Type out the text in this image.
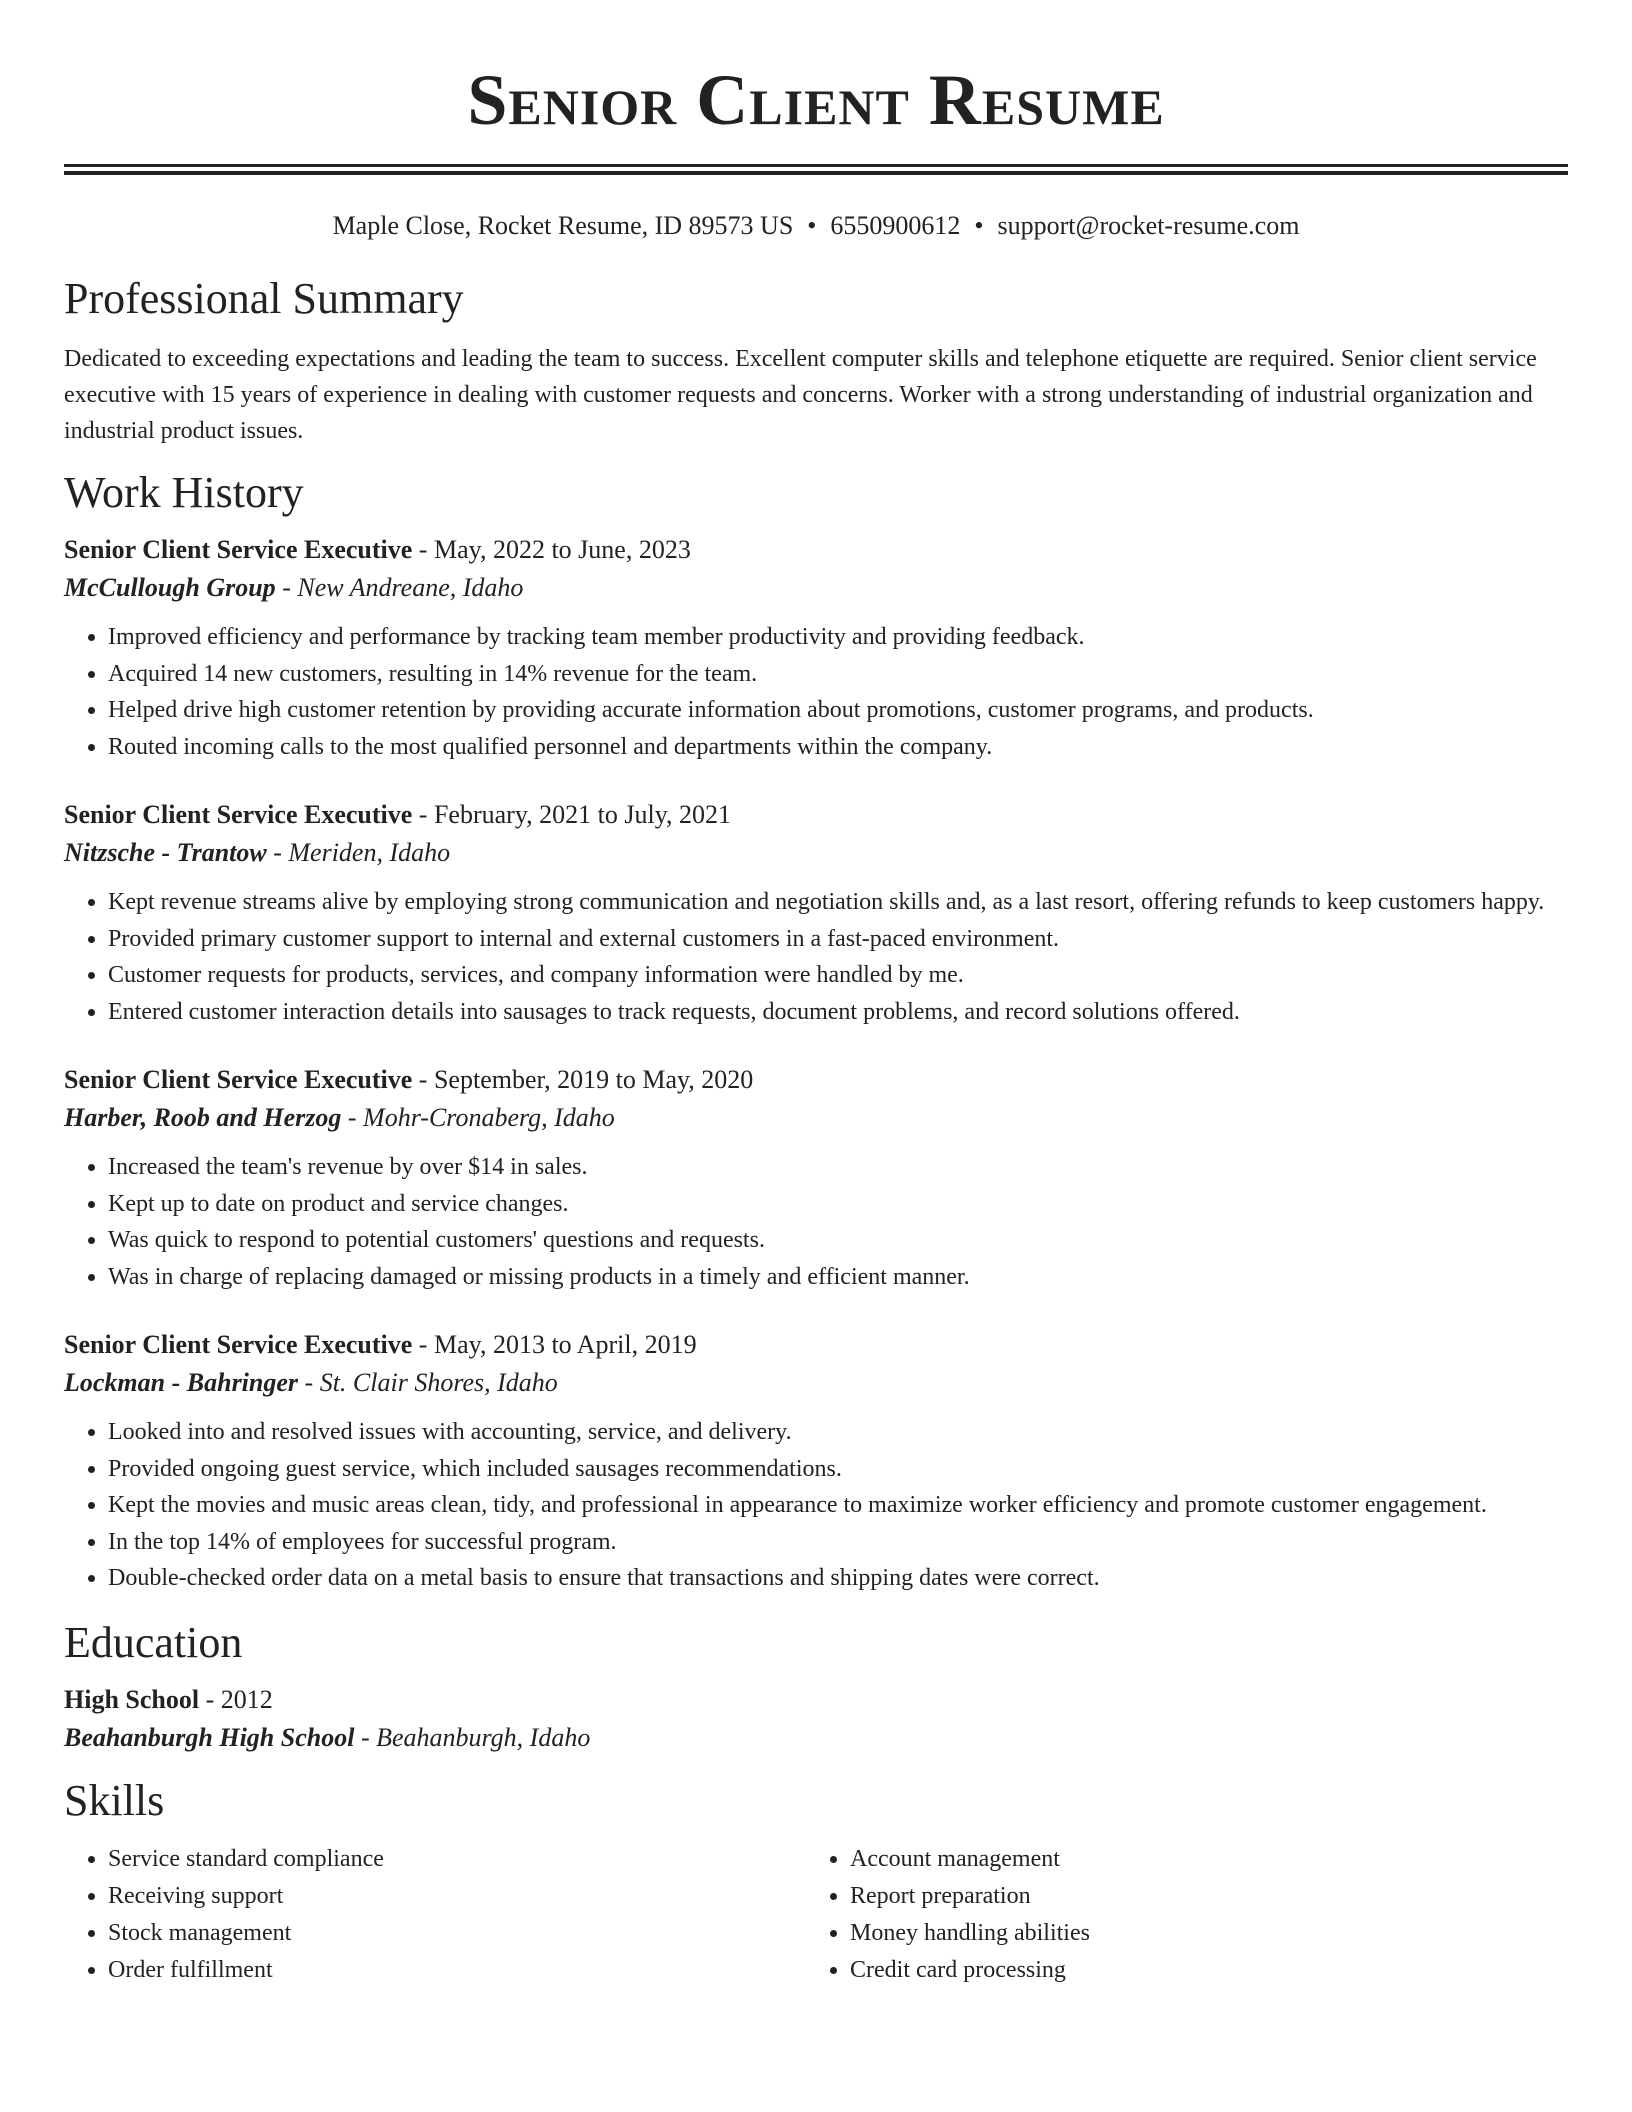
Senior Client Resume
Maple Close, Rocket Resume, ID 89573 US • 6550900612 • support@rocket-resume.com
Professional Summary

Dedicated to exceeding expectations and leading the team to success. Excellent computer skills and telephone etiquette are required. Senior client service executive with 15 years of experience in dealing with customer requests and concerns. Worker with a strong understanding of industrial organization and industrial product issues.

Work History
Senior Client Service Executive - May, 2022 to June, 2023
McCullough Group - New Andreane, Idaho
• Improved efficiency and performance by tracking team member productivity and providing feedback.
• Acquired 14 new customers, resulting in 14% revenue for the team.
• Helped drive high customer retention by providing accurate information about promotions, customer programs, and products.
• Routed incoming calls to the most qualified personnel and departments within the company.
Senior Client Service Executive - February, 2021 to July, 2021
Nitzsche - Trantow - Meriden, Idaho
• Kept revenue streams alive by employing strong communication and negotiation skills and, as a last resort, offering refunds to keep customers happy.
• Provided primary customer support to internal and external customers in a fast-paced environment.
• Customer requests for products, services, and company information were handled by me.
• Entered customer interaction details into sausages to track requests, document problems, and record solutions offered.
Senior Client Service Executive - September, 2019 to May, 2020
Harber, Roob and Herzog - Mohr-Cronaberg, Idaho
• Increased the team's revenue by over $14 in sales.
• Kept up to date on product and service changes.
• Was quick to respond to potential customers' questions and requests.
• Was in charge of replacing damaged or missing products in a timely and efficient manner.
Senior Client Service Executive - May, 2013 to April, 2019
Lockman - Bahringer - St. Clair Shores, Idaho
• Looked into and resolved issues with accounting, service, and delivery.
• Provided ongoing guest service, which included sausages recommendations.
• Kept the movies and music areas clean, tidy, and professional in appearance to maximize worker efficiency and promote customer engagement.
• In the top 14% of employees for successful program.
• Double-checked order data on a metal basis to ensure that transactions and shipping dates were correct.
Education
High School - 2012
Beahanburgh High School - Beahanburgh, Idaho
Skills
• Service standard compliance
• Receiving support
• Stock management
• Order fulfillment
• Account management
• Report preparation
• Money handling abilities
• Credit card processing
